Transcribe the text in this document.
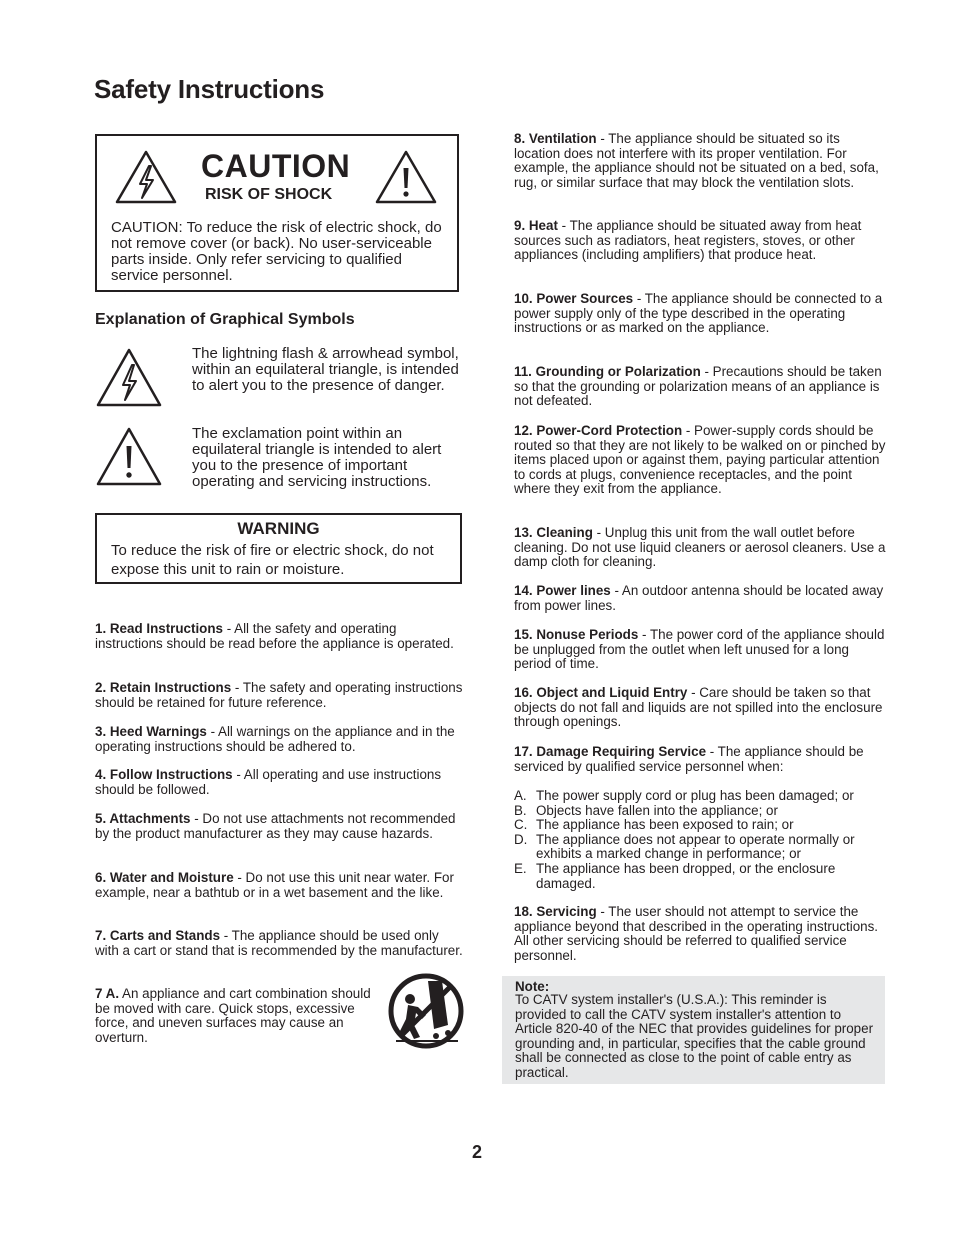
Safety Instructions
CAUTION
RISK OF SHOCK
CAUTION: To reduce the risk of electric shock, do not remove cover (or back). No user-serviceable parts inside. Only refer servicing to qualified service personnel.
Explanation of Graphical Symbols
The lightning flash & arrowhead symbol, within an equilateral triangle, is intended to alert you to the presence of danger.
The exclamation point within an equilateral triangle is intended to alert you to the presence of important operating and servicing instructions.
WARNING
To reduce the risk of fire or electric shock, do not expose this unit to rain or moisture.
1. Read Instructions - All the safety and operating instructions should be read before the appliance is operated.
2. Retain Instructions - The safety and operating instructions should be retained for future reference.
3. Heed Warnings - All warnings on the appliance and in the operating instructions should be adhered to.
4. Follow Instructions - All operating and use instructions should be followed.
5. Attachments - Do not use attachments not recommended by the product manufacturer as they may cause hazards.
6. Water and Moisture - Do not use this unit near water. For example, near a bathtub or in a wet basement and the like.
7. Carts and Stands - The appliance should be used only with a cart or stand that is recommended by the manufacturer.
7 A. An appliance and cart combination should be moved with care. Quick stops, excessive force, and uneven surfaces may cause an overturn.
8. Ventilation - The appliance should be situated so its location does not interfere with its proper ventilation. For example, the appliance should not be situated on a bed, sofa, rug, or similar surface that may block the ventilation slots.
9. Heat - The appliance should be situated away from heat sources such as radiators, heat registers, stoves, or other appliances (including amplifiers) that produce heat.
10. Power Sources - The appliance should be connected to a power supply only of the type described in the operating instructions or as marked on the appliance.
11. Grounding or Polarization - Precautions should be taken so that the grounding or polarization means of an appliance is not defeated.
12. Power-Cord Protection - Power-supply cords should be routed so that they are not likely to be walked on or pinched by items placed upon or against them, paying particular attention to cords at plugs, convenience receptacles, and the point where they exit from the appliance.
13. Cleaning - Unplug this unit from the wall outlet before cleaning. Do not use liquid cleaners or aerosol cleaners. Use a damp cloth for cleaning.
14. Power lines - An outdoor antenna should be located away from power lines.
15. Nonuse Periods - The power cord of the appliance should be unplugged from the outlet when left unused for a long period of time.
16. Object and Liquid Entry - Care should be taken so that objects do not fall and liquids are not spilled into the enclosure through openings.
17. Damage Requiring Service - The appliance should be serviced by qualified service personnel when:
A. The power supply cord or plug has been damaged; or
B. Objects have fallen into the appliance; or
C. The appliance has been exposed to rain; or
D. The appliance does not appear to operate normally or exhibits a marked change in performance; or
E. The appliance has been dropped, or the enclosure damaged.
18. Servicing - The user should not attempt to service the appliance beyond that described in the operating instructions. All other servicing should be referred to qualified service personnel.
Note:
To CATV system installer's (U.S.A.): This reminder is provided to call the CATV system installer's attention to Article 820-40 of the NEC that provides guidelines for proper grounding and, in particular, specifies that the cable ground shall be connected as close to the point of cable entry as practical.
2
